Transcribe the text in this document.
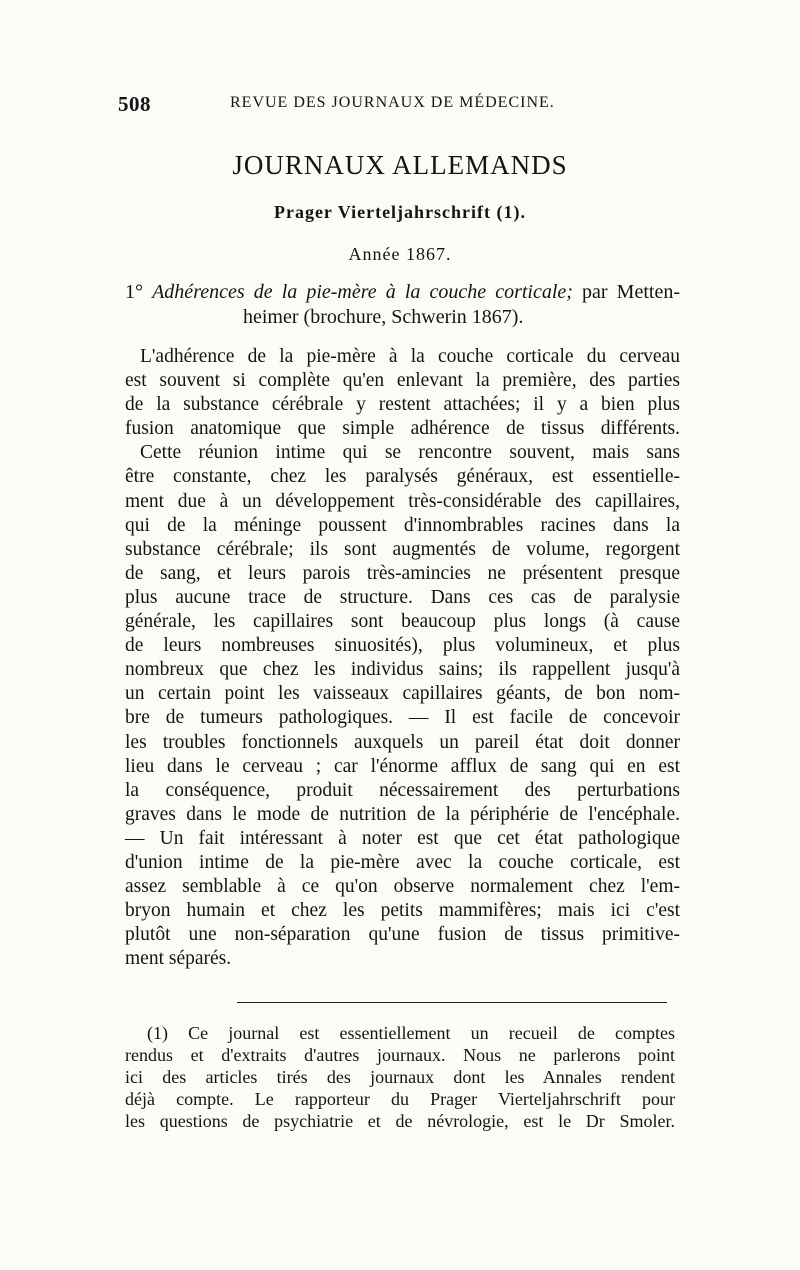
508	REVUE DES JOURNAUX DE MÉDECINE.
JOURNAUX ALLEMANDS
Prager Vierteljahrschrift (1).
Année 1867.
1° Adhérences de la pie-mère à la couche corticale; par Metten-
heimer (brochure, Schwerin 1867).
L'adhérence de la pie-mère à la couche corticale du cerveau
est souvent si complète qu'en enlevant la première, des parties
de la substance cérébrale y restent attachées; il y a bien plus
fusion anatomique que simple adhérence de tissus différents.
Cette réunion intime qui se rencontre souvent, mais sans
être constante, chez les paralysés généraux, est essentielle-
ment due à un développement très-considérable des capillaires,
qui de la méninge poussent d'innombrables racines dans la
substance cérébrale; ils sont augmentés de volume, regorgent
de sang, et leurs parois très-amincies ne présentent presque
plus aucune trace de structure. Dans ces cas de paralysie
générale, les capillaires sont beaucoup plus longs (à cause
de leurs nombreuses sinuosités), plus volumineux, et plus
nombreux que chez les individus sains; ils rappellent jusqu'à
un certain point les vaisseaux capillaires géants, de bon nom-
bre de tumeurs pathologiques. — Il est facile de concevoir
les troubles fonctionnels auxquels un pareil état doit donner
lieu dans le cerveau ; car l'énorme afflux de sang qui en est
la conséquence, produit nécessairement des perturbations
graves dans le mode de nutrition de la périphérie de l'encéphale.
— Un fait intéressant à noter est que cet état pathologique
d'union intime de la pie-mère avec la couche corticale, est
assez semblable à ce qu'on observe normalement chez l'em-
bryon humain et chez les petits mammifères; mais ici c'est
plutôt une non-séparation qu'une fusion de tissus primitive-
ment séparés.
(1) Ce journal est essentiellement un recueil de comptes
rendus et d'extraits d'autres journaux. Nous ne parlerons point
ici des articles tirés des journaux dont les Annales rendent
déjà compte. Le rapporteur du Prager Vierteljahrschrift pour
les questions de psychiatrie et de névrologie, est le Dr Smoler.
